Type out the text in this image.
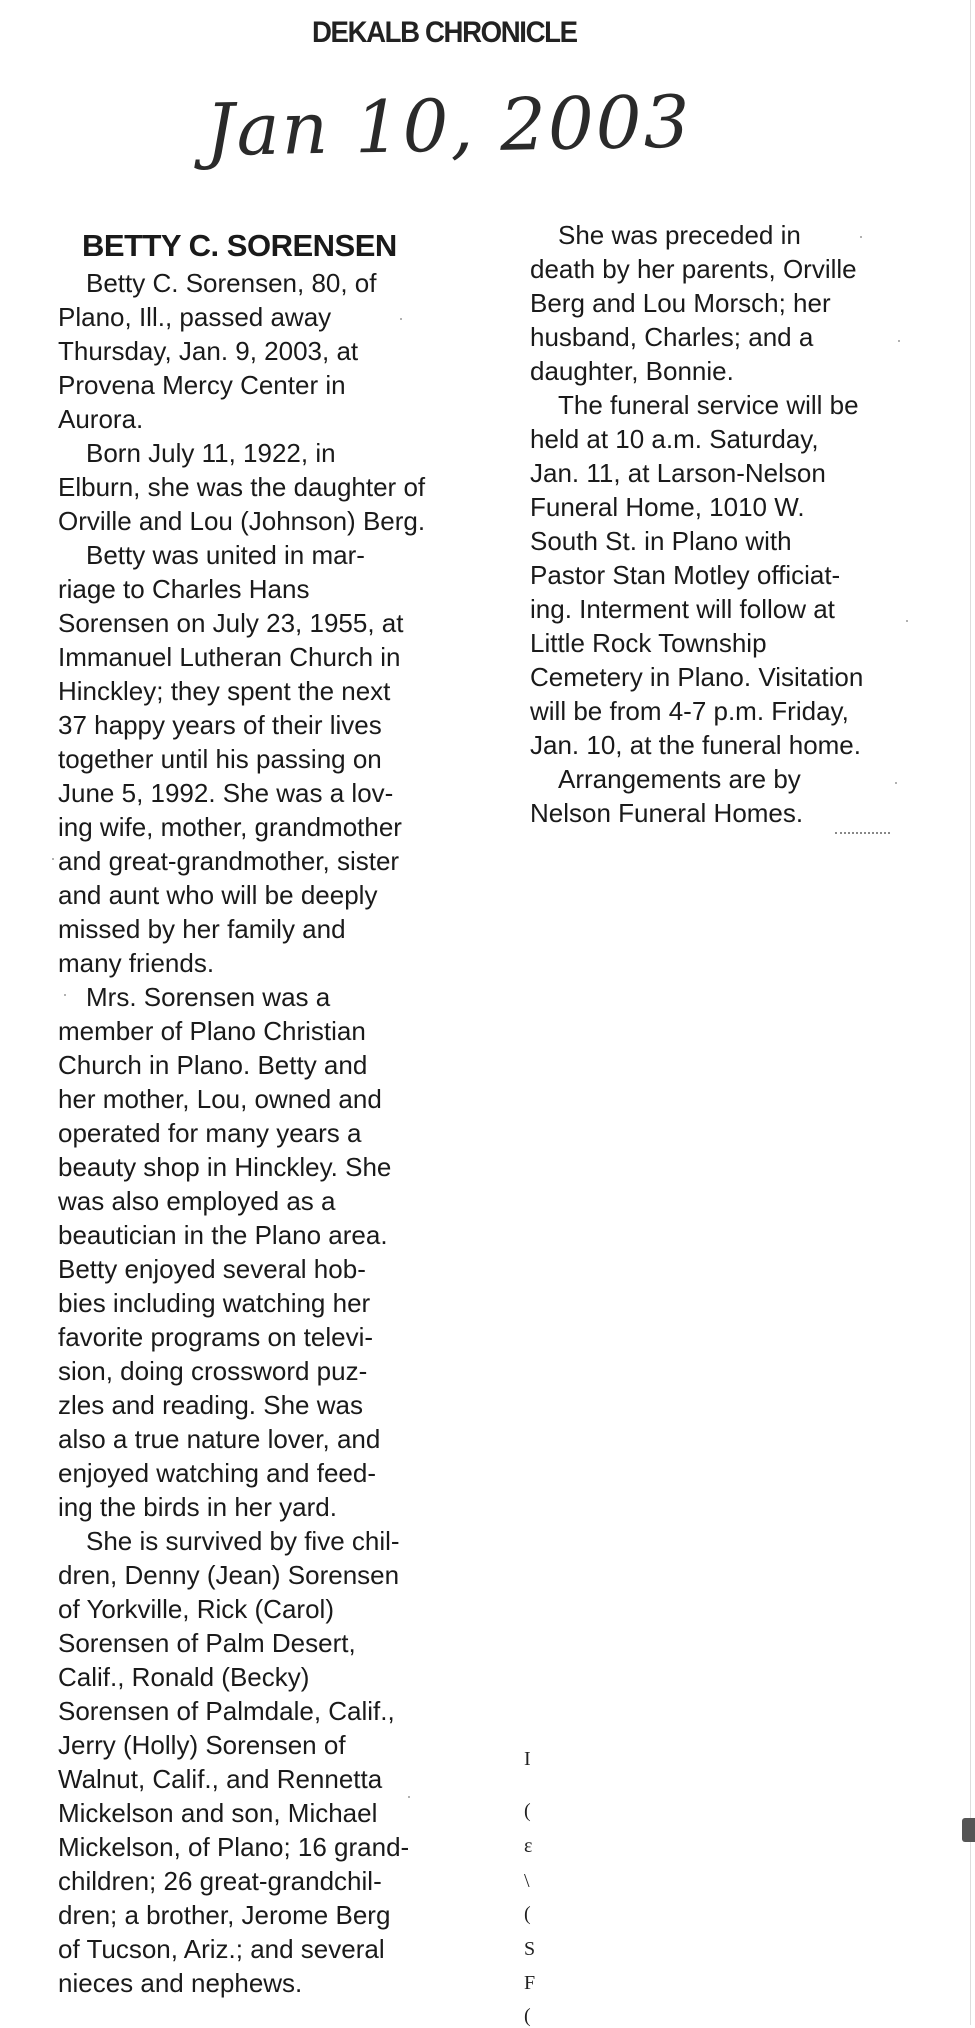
DEKALB CHRONICLE
Jan 10, 2003
BETTY C. SORENSEN
Betty C. Sorensen, 80, of
Plano, Ill., passed away
Thursday, Jan. 9, 2003, at
Provena Mercy Center in
Aurora.
Born July 11, 1922, in
Elburn, she was the daughter of
Orville and Lou (Johnson) Berg.
Betty was united in mar-
riage to Charles Hans
Sorensen on July 23, 1955, at
Immanuel Lutheran Church in
Hinckley; they spent the next
37 happy years of their lives
together until his passing on
June 5, 1992. She was a lov-
ing wife, mother, grandmother
and great-grandmother, sister
and aunt who will be deeply
missed by her family and
many friends.
Mrs. Sorensen was a
member of Plano Christian
Church in Plano. Betty and
her mother, Lou, owned and
operated for many years a
beauty shop in Hinckley. She
was also employed as a
beautician in the Plano area.
Betty enjoyed several hob-
bies including watching her
favorite programs on televi-
sion, doing crossword puz-
zles and reading. She was
also a true nature lover, and
enjoyed watching and feed-
ing the birds in her yard.
She is survived by five chil-
dren, Denny (Jean) Sorensen
of Yorkville, Rick (Carol)
Sorensen of Palm Desert,
Calif., Ronald (Becky)
Sorensen of Palmdale, Calif.,
Jerry (Holly) Sorensen of
Walnut, Calif., and Rennetta
Mickelson and son, Michael
Mickelson, of Plano; 16 grand-
children; 26 great-grandchil-
dren; a brother, Jerome Berg
of Tucson, Ariz.; and several
nieces and nephews.
She was preceded in
death by her parents, Orville
Berg and Lou Morsch; her
husband, Charles; and a
daughter, Bonnie.
The funeral service will be
held at 10 a.m. Saturday,
Jan. 11, at Larson-Nelson
Funeral Home, 1010 W.
South St. in Plano with
Pastor Stan Motley officiat-
ing. Interment will follow at
Little Rock Township
Cemetery in Plano. Visitation
will be from 4-7 p.m. Friday,
Jan. 10, at the funeral home.
Arrangements are by
Nelson Funeral Homes.
I
(
ε
\
(
S
F
(
